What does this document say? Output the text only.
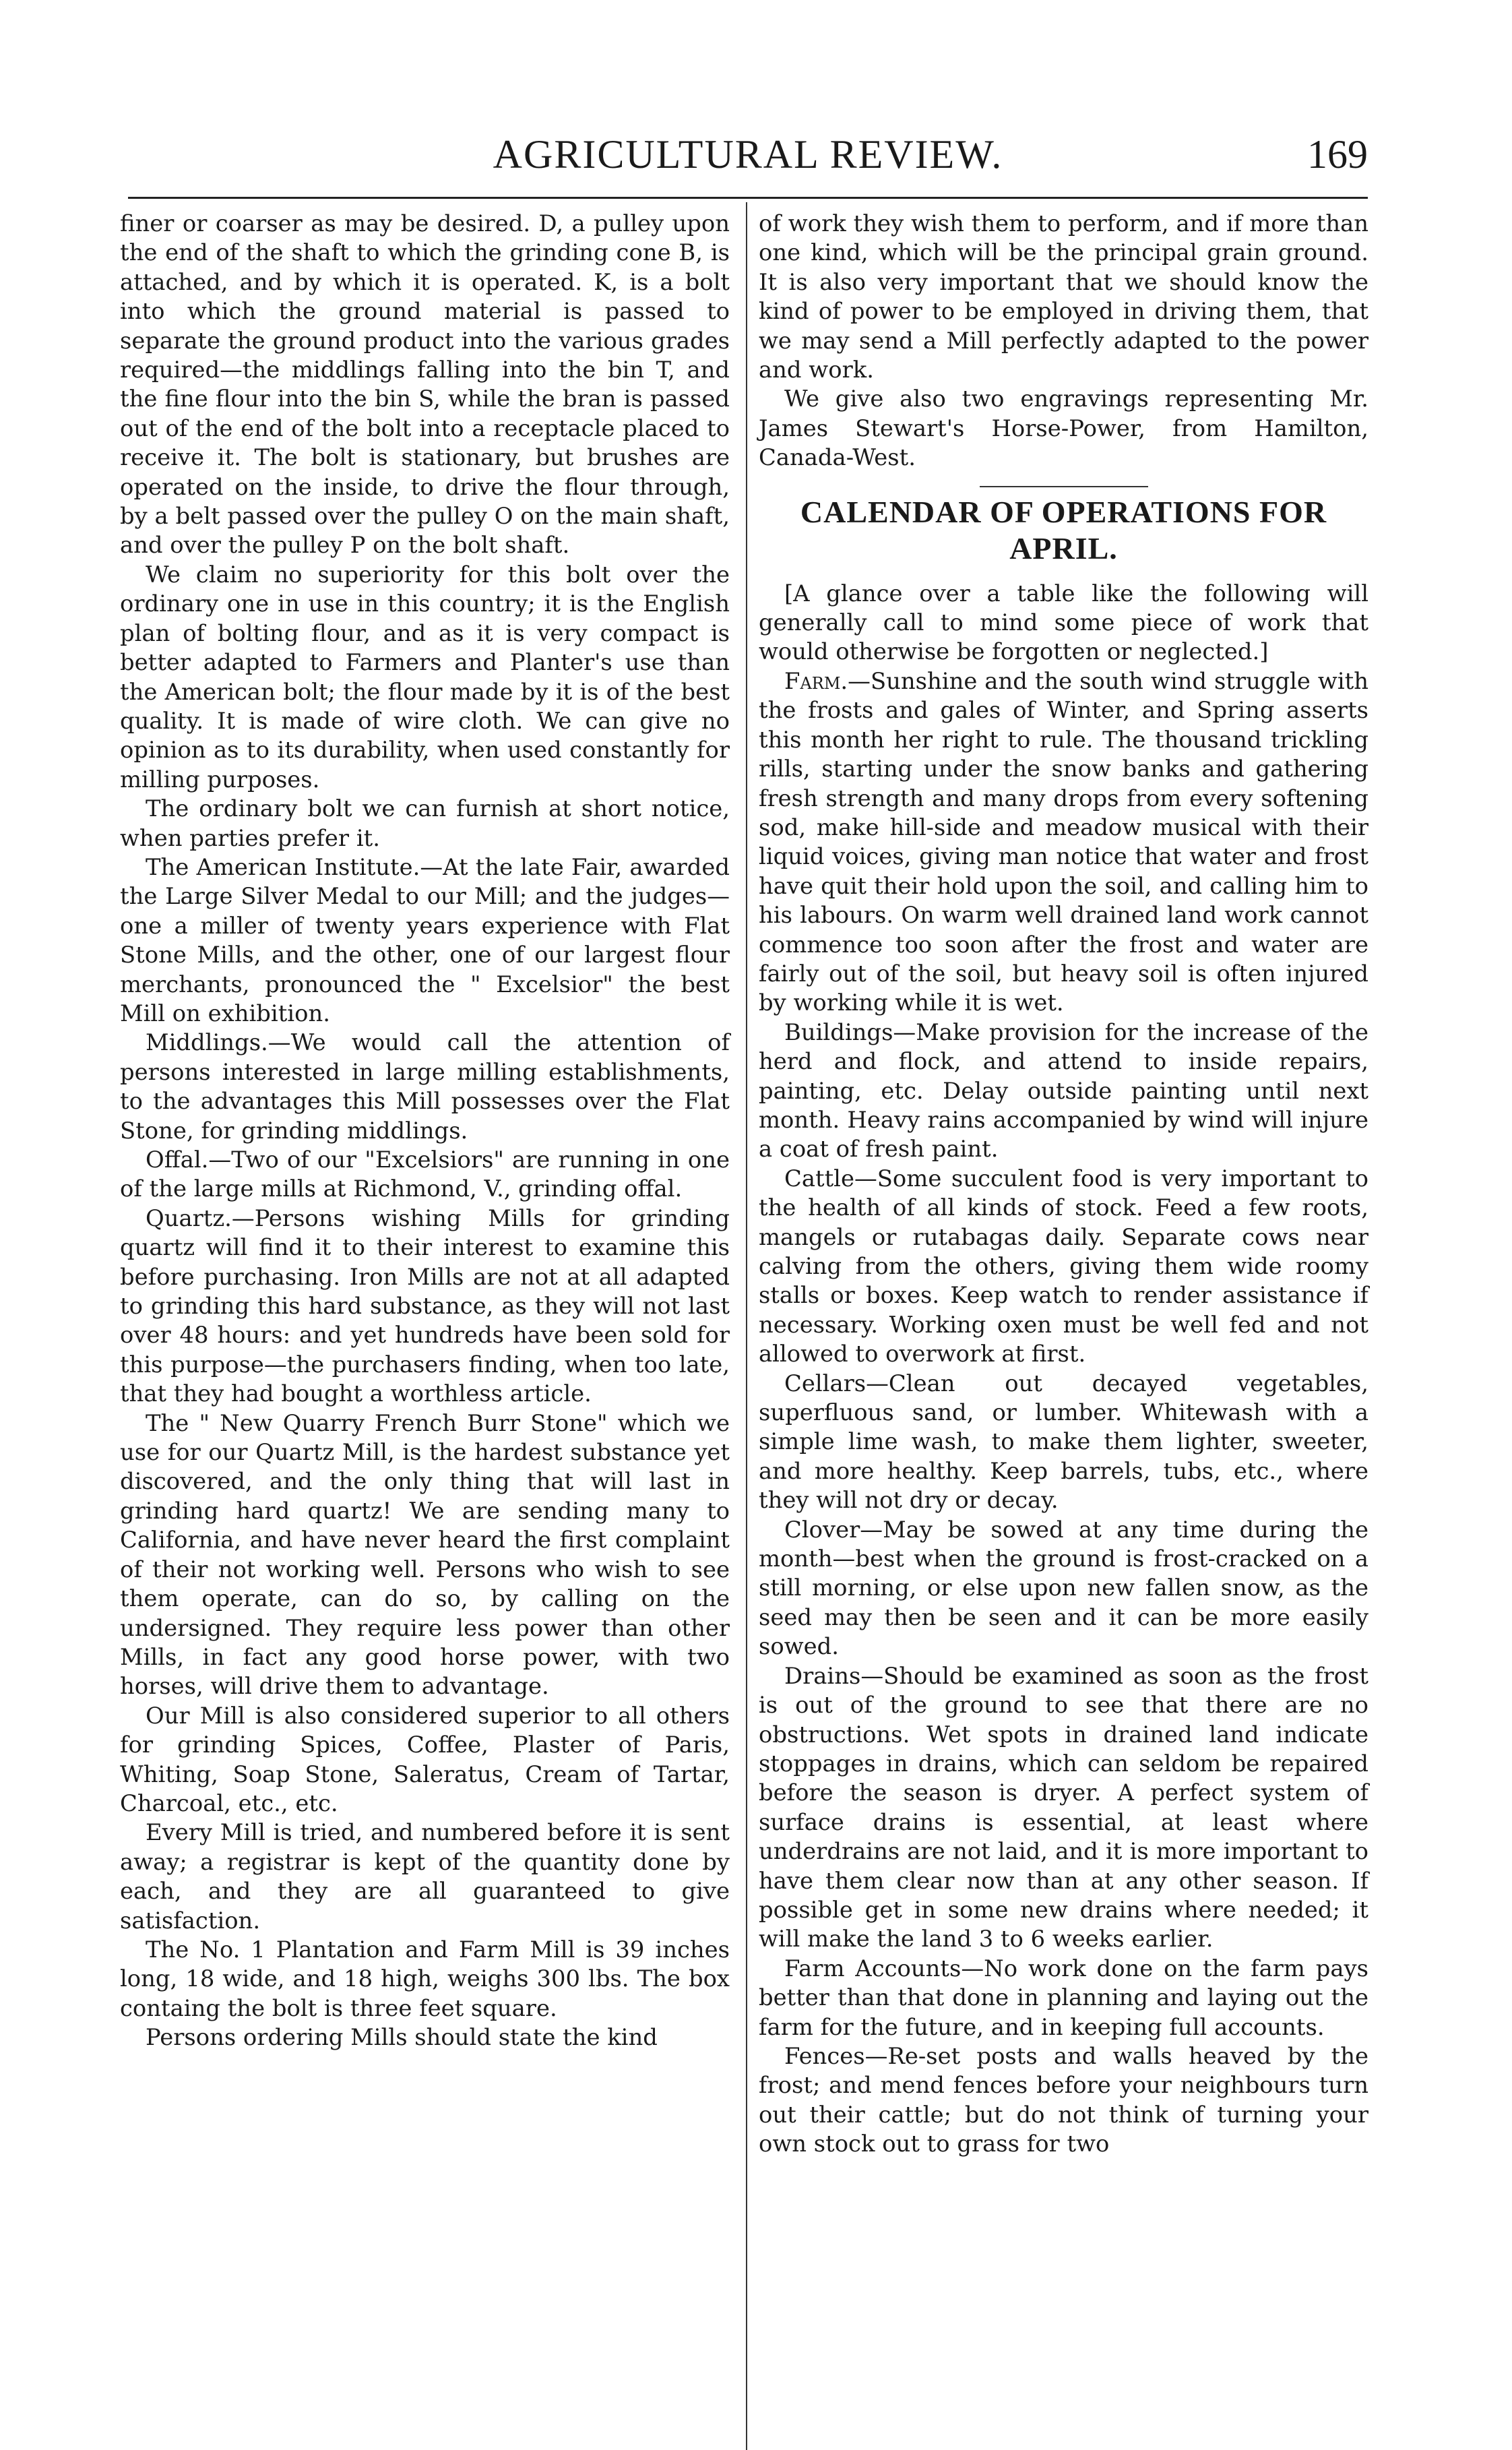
AGRICULTURAL REVIEW.	169

finer or coarser as may be desired. D, a pulley upon the end of the shaft to which the grinding cone B, is attached, and by which it is operated. K, is a bolt into which the ground material is passed to separate the ground product into the various grades required—the middlings falling into the bin T, and the fine flour into the bin S, while the bran is passed out of the end of the bolt into a receptacle placed to receive it. The bolt is stationary, but brushes are operated on the inside, to drive the flour through, by a belt passed over the pulley O on the main shaft, and over the pulley P on the bolt shaft.

We claim no superiority for this bolt over the ordinary one in use in this country; it is the English plan of bolting flour, and as it is very compact is better adapted to Farmers and Planter's use than the American bolt; the flour made by it is of the best quality. It is made of wire cloth. We can give no opinion as to its durability, when used constantly for milling purposes.

The ordinary bolt we can furnish at short notice, when parties prefer it.

The American Institute.—At the late Fair, awarded the Large Silver Medal to our Mill; and the judges—one a miller of twenty years experience with Flat Stone Mills, and the other, one of our largest flour merchants, pronounced the " Excelsior" the best Mill on exhibition.

Middlings.—We would call the attention of persons interested in large milling establishments, to the advantages this Mill possesses over the Flat Stone, for grinding middlings.

Offal.—Two of our "Excelsiors" are running in one of the large mills at Richmond, V., grinding offal.

Quartz.—Persons wishing Mills for grinding quartz will find it to their interest to examine this before purchasing. Iron Mills are not at all adapted to grinding this hard substance, as they will not last over 48 hours: and yet hundreds have been sold for this purpose—the purchasers finding, when too late, that they had bought a worthless article.

The " New Quarry French Burr Stone" which we use for our Quartz Mill, is the hardest substance yet discovered, and the only thing that will last in grinding hard quartz! We are sending many to California, and have never heard the first complaint of their not working well. Persons who wish to see them operate, can do so, by calling on the undersigned. They require less power than other Mills, in fact any good horse power, with two horses, will drive them to advantage.

Our Mill is also considered superior to all others for grinding Spices, Coffee, Plaster of Paris, Whiting, Soap Stone, Saleratus, Cream of Tartar, Charcoal, etc., etc.

Every Mill is tried, and numbered before it is sent away; a registrar is kept of the quantity done by each, and they are all guaranteed to give satisfaction.

The No. 1 Plantation and Farm Mill is 39 inches long, 18 wide, and 18 high, weighs 300 lbs. The box containg the bolt is three feet square.

Persons ordering Mills should state the kind

of work they wish them to perform, and if more than one kind, which will be the principal grain ground. It is also very important that we should know the kind of power to be employed in driving them, that we may send a Mill perfectly adapted to the power and work.

We give also two engravings representing Mr. James Stewart's Horse-Power, from Hamilton, Canada-West.

CALENDAR OF OPERATIONS FOR APRIL.

[A glance over a table like the following will generally call to mind some piece of work that would otherwise be forgotten or neglected.]

Farm.—Sunshine and the south wind struggle with the frosts and gales of Winter, and Spring asserts this month her right to rule. The thousand trickling rills, starting under the snow banks and gathering fresh strength and many drops from every softening sod, make hill-side and meadow musical with their liquid voices, giving man notice that water and frost have quit their hold upon the soil, and calling him to his labours. On warm well drained land work cannot commence too soon after the frost and water are fairly out of the soil, but heavy soil is often injured by working while it is wet.

Buildings—Make provision for the increase of the herd and flock, and attend to inside repairs, painting, etc. Delay outside painting until next month. Heavy rains accompanied by wind will injure a coat of fresh paint.

Cattle—Some succulent food is very important to the health of all kinds of stock. Feed a few roots, mangels or rutabagas daily. Separate cows near calving from the others, giving them wide roomy stalls or boxes. Keep watch to render assistance if necessary. Working oxen must be well fed and not allowed to overwork at first.

Cellars—Clean out decayed vegetables, superfluous sand, or lumber. Whitewash with a simple lime wash, to make them lighter, sweeter, and more healthy. Keep barrels, tubs, etc., where they will not dry or decay.

Clover—May be sowed at any time during the month—best when the ground is frost-cracked on a still morning, or else upon new fallen snow, as the seed may then be seen and it can be more easily sowed.

Drains—Should be examined as soon as the frost is out of the ground to see that there are no obstructions. Wet spots in drained land indicate stoppages in drains, which can seldom be repaired before the season is dryer. A perfect system of surface drains is essential, at least where underdrains are not laid, and it is more important to have them clear now than at any other season. If possible get in some new drains where needed; it will make the land 3 to 6 weeks earlier.

Farm Accounts—No work done on the farm pays better than that done in planning and laying out the farm for the future, and in keeping full accounts.

Fences—Re-set posts and walls heaved by the frost; and mend fences before your neighbours turn out their cattle; but do not think of turning your own stock out to grass for two
